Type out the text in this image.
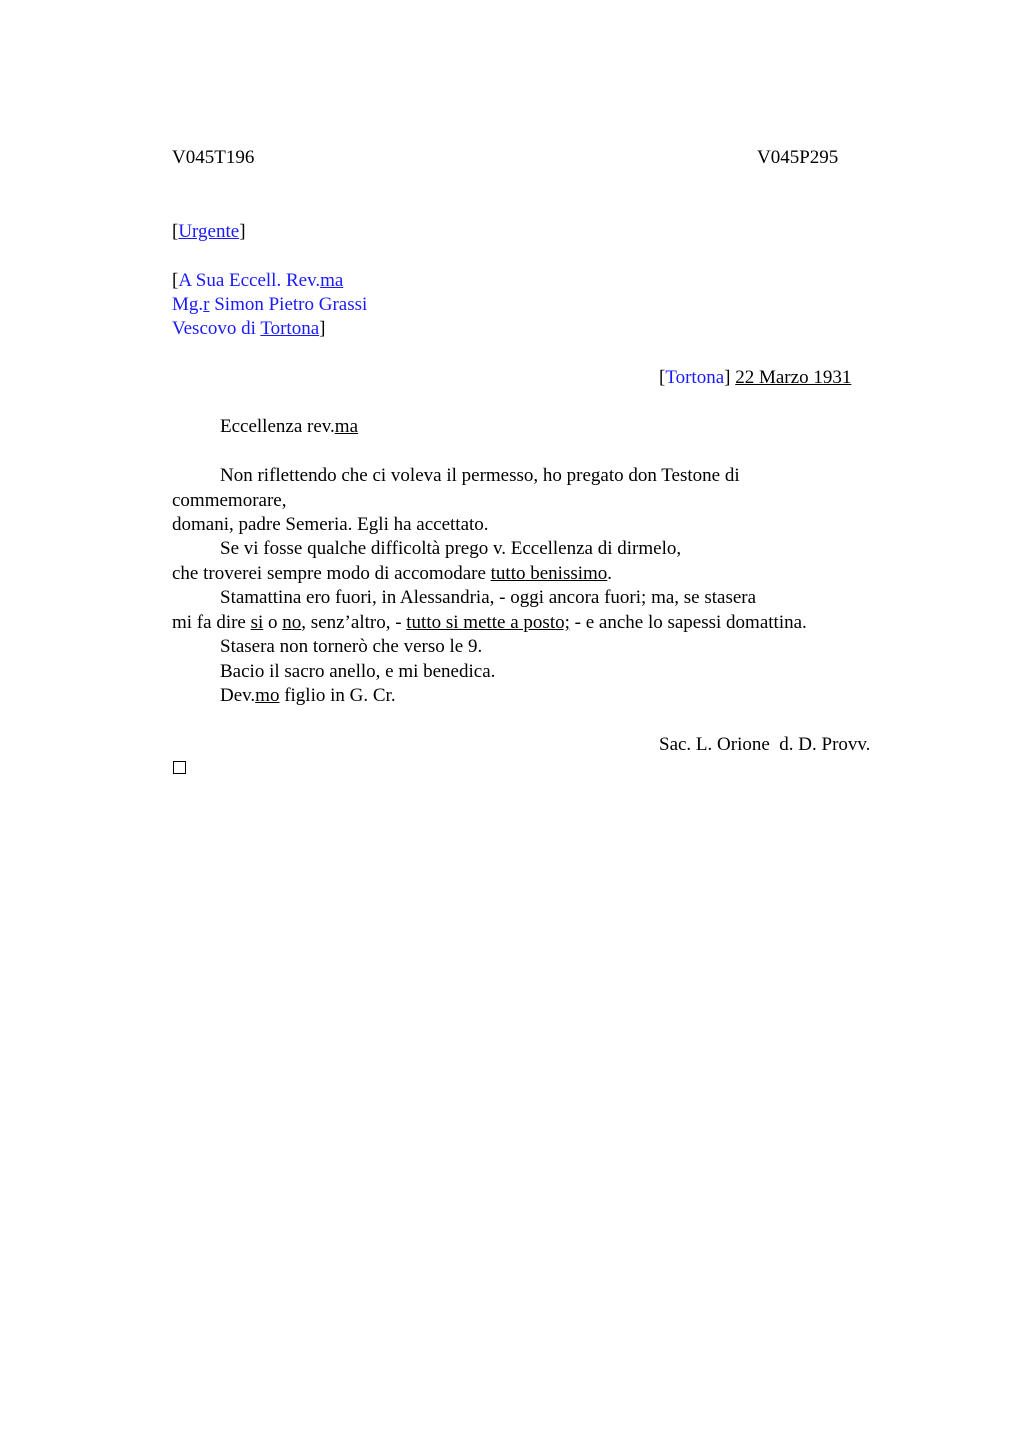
V045T196	V045P295
[Urgente]
[A Sua Eccell. Rev.ma
Mg.r Simon Pietro Grassi
Vescovo di Tortona]
[Tortona] 22 Marzo 1931
Eccellenza rev.ma
Non riflettendo che ci voleva il permesso, ho pregato don Testone di
commemorare,
domani, padre Semeria. Egli ha accettato.
Se vi fosse qualche difficoltà prego v. Eccellenza di dirmelo,
che troverei sempre modo di accomodare tutto benissimo.
Stamattina ero fuori, in Alessandria, - oggi ancora fuori; ma, se stasera
mi fa dire si o no, senz’altro, - tutto si mette a posto; - e anche lo sapessi domattina.
Stasera non tornerò che verso le 9.
Bacio il sacro anello, e mi benedica.
Dev.mo figlio in G. Cr.
Sac. L. Orione  d. D. Provv.
